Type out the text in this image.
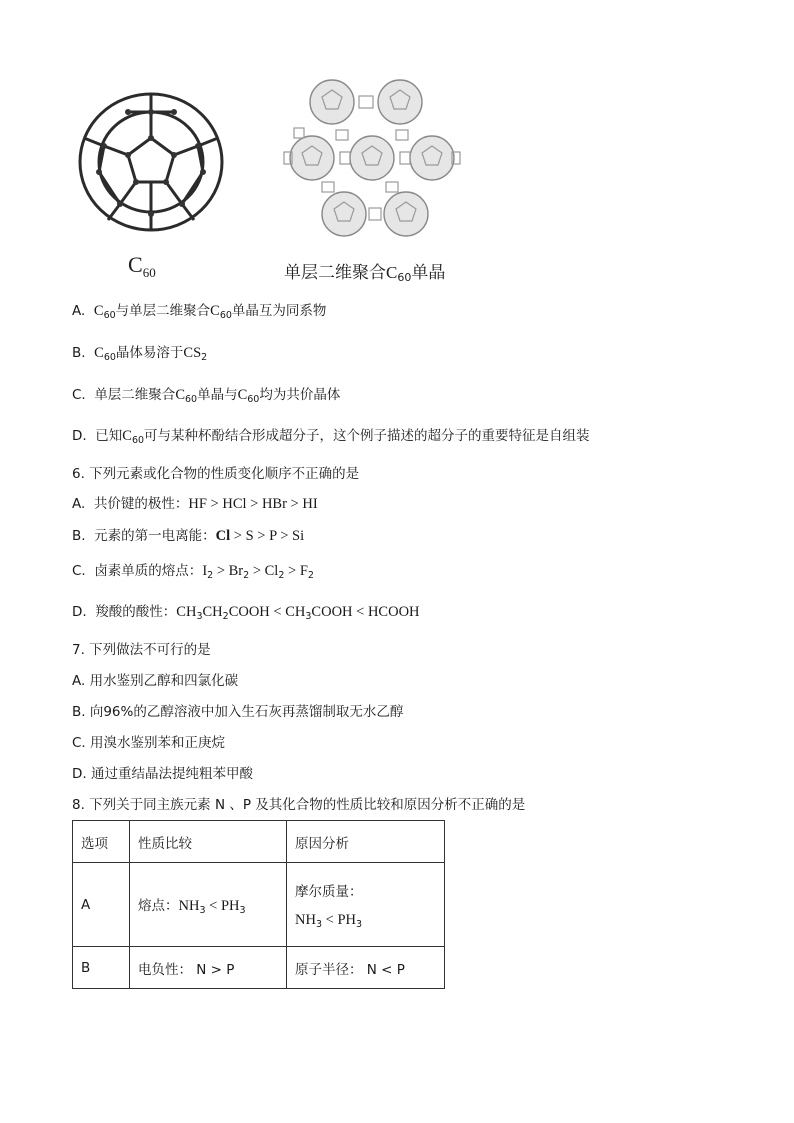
$C_{60}$	单层二维聚合$C_{60}$单晶
A. $C_{60}$与单层二维聚合$C_{60}$单晶互为同系物
B. $C_{60}$晶体易溶于$CS_2$
C. 单层二维聚合$C_{60}$单晶与$C_{60}$均为共价晶体
D. 已知$C_{60}$可与某种杯酚结合形成超分子，这个例子描述的超分子的重要特征是自组装
6. 下列元素或化合物的性质变化顺序不正确的是
A. 共价键的极性：HF > HCl > HBr > HI
B. 元素的第一电离能：Cl > S > P > Si
C. 卤素单质的熔点：$I_2 > Br_2 > Cl_2 > F_2$
D. 羧酸的酸性：$CH_3CH_2COOH$ < $CH_3COOH$ < HCOOH
7. 下列做法不可行的是
A. 用水鉴别乙醇和四氯化碳
B. 向96%的乙醇溶液中加入生石灰再蒸馏制取无水乙醇
C. 用溴水鉴别苯和正庚烷
D. 通过重结晶法提纯粗苯甲酸
8. 下列关于同主族元素 N 、P 及其化合物的性质比较和原因分析不正确的是
选项	性质比较	原因分析
A	熔点：$NH_3 < PH_3$	摩尔质量：
$NH_3 < PH_3$

B	电负性： N > P	原子半径： N < P
